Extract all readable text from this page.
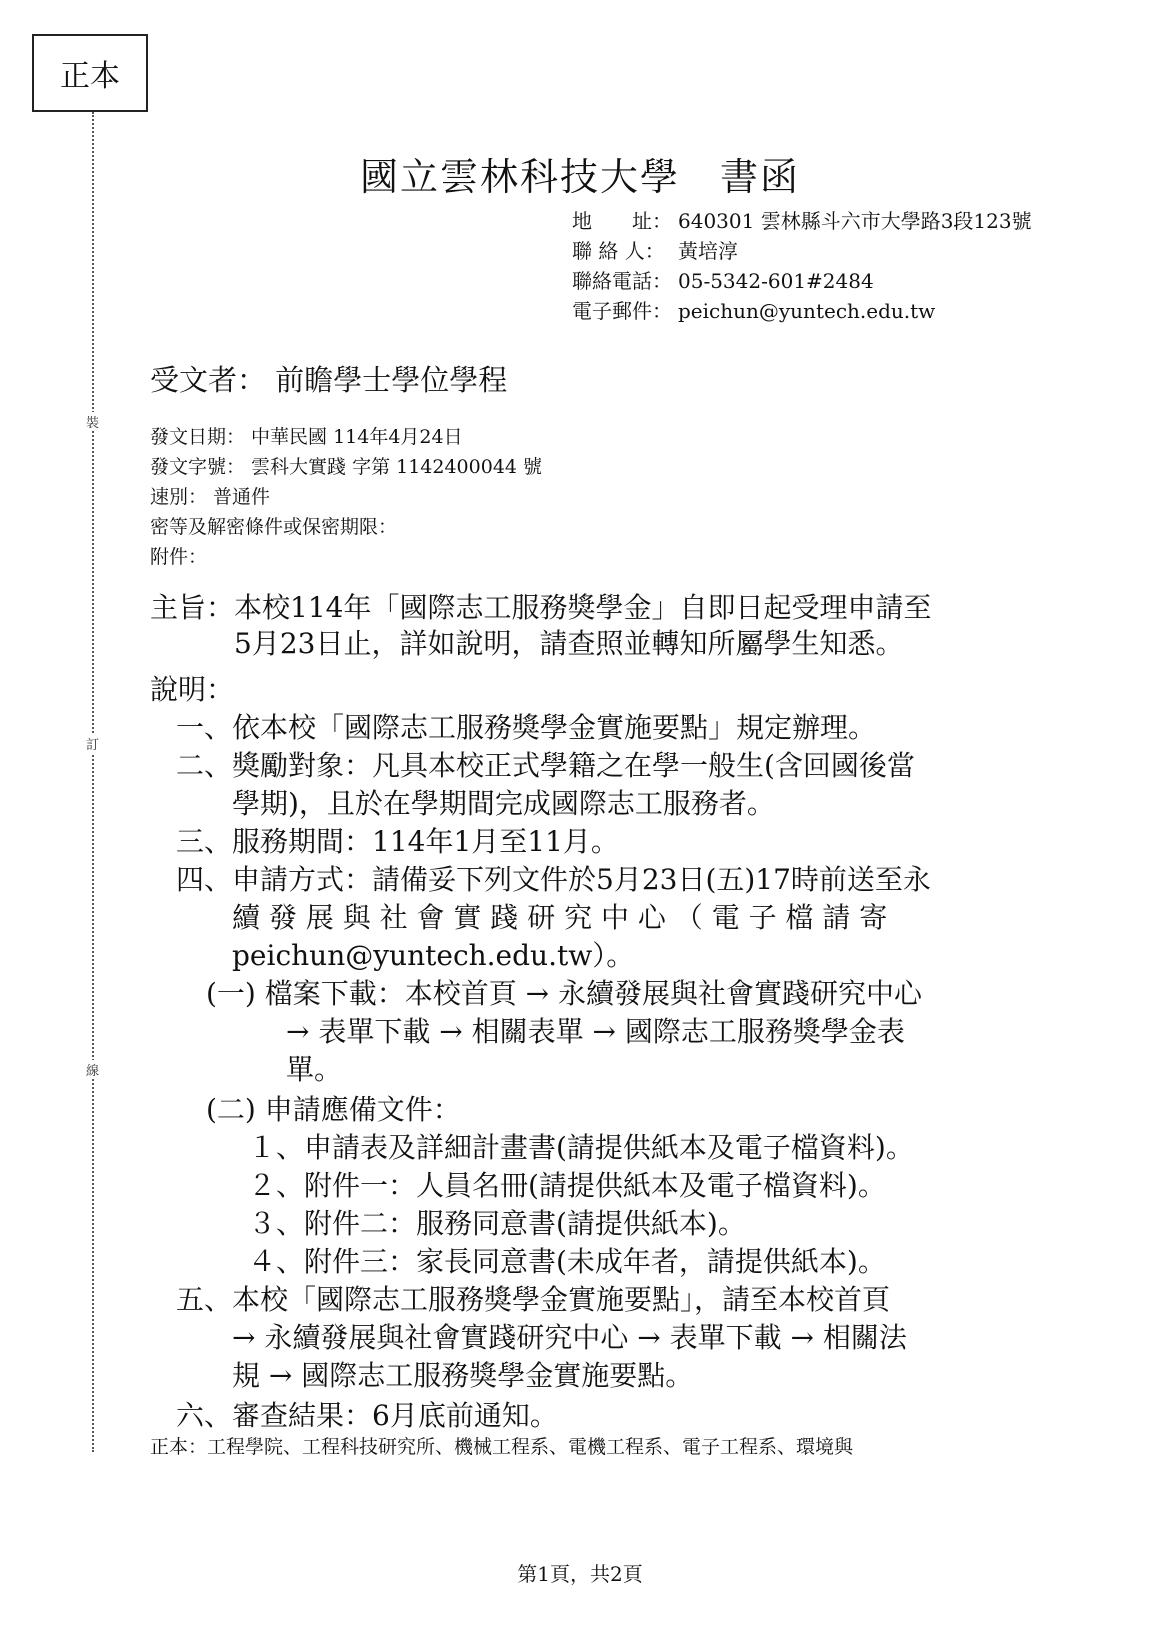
正本
裝
訂
線
國立雲林科技大學　書函
地　　址： 640301 雲林縣斗六市大學路3段123號
聯 絡 人： 黃培淳
聯絡電話： 05-5342-601#2484
電子郵件： peichun@yuntech.edu.tw
受文者： 前瞻學士學位學程
發文日期： 中華民國 114年4月24日
發文字號： 雲科大實踐 字第 1142400044 號
速別： 普通件
密等及解密條件或保密期限：
附件：
主旨：本校114年「國際志工服務獎學金」自即日起受理申請至
5月23日止，詳如說明，請查照並轉知所屬學生知悉。
說明：
一、依本校「國際志工服務獎學金實施要點」規定辦理。
二、獎勵對象：凡具本校正式學籍之在學一般生(含回國後當
學期)，且於在學期間完成國際志工服務者。
三、服務期間：114年1月至11月。
四、申請方式：請備妥下列文件於5月23日(五)17時前送至永
續 發 展 與 社 會 實 踐 研 究 中 心 （ 電 子 檔 請 寄
peichun@yuntech.edu.tw）。
(一) 檔案下載：本校首頁 → 永續發展與社會實踐研究中心
→ 表單下載 → 相關表單 → 國際志工服務獎學金表
單。
(二) 申請應備文件：
１、申請表及詳細計畫書(請提供紙本及電子檔資料)。
２、附件一：人員名冊(請提供紙本及電子檔資料)。
３、附件二：服務同意書(請提供紙本)。
４、附件三：家長同意書(未成年者，請提供紙本)。
五、本校「國際志工服務獎學金實施要點」，請至本校首頁
→ 永續發展與社會實踐研究中心 → 表單下載 → 相關法
規 → 國際志工服務獎學金實施要點。
六、審查結果：6月底前通知。
正本：工程學院、工程科技研究所、機械工程系、電機工程系、電子工程系、環境與
第1頁，共2頁
